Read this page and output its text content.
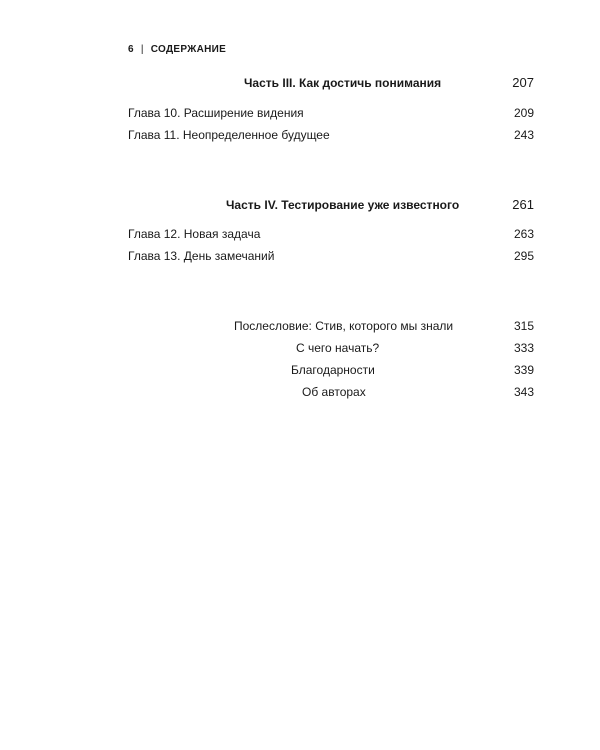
6 | СОДЕРЖАНИЕ
Часть III. Как достичь понимания	207
Глава 10. Расширение видения	209
Глава 11. Неопределенное будущее	243
Часть IV. Тестирование уже известного	261
Глава 12. Новая задача	263
Глава 13. День замечаний	295
Послесловие: Стив, которого мы знали	315
С чего начать?	333
Благодарности	339
Об авторах	343
